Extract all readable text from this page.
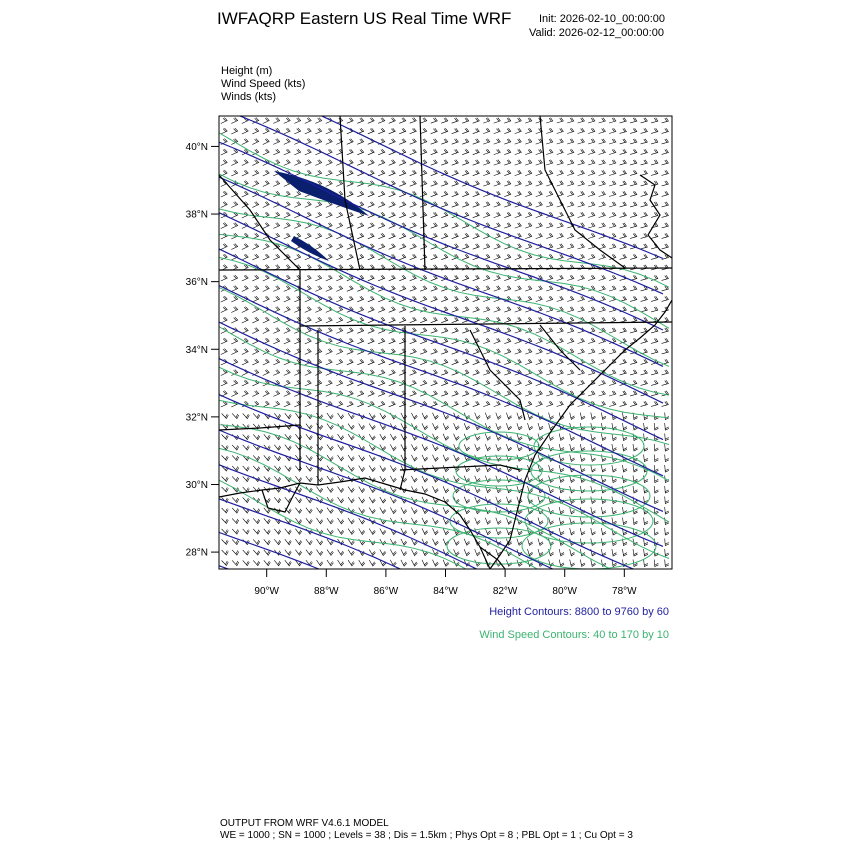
IWFAQRP Eastern US Real Time WRF	Init: 2026-02-10_00:00:00
Valid: 2026-02-12_00:00:00
Height (m)
Wind Speed (kts)
Winds (kts)
40°N
38°N
36°N
34°N
32°N
30°N
28°N
90°W	88°W	86°W	84°W	82°W	80°W	78°W
Height Contours: 8800 to 9760 by 60
Wind Speed Contours: 40 to 170 by 10
OUTPUT FROM WRF V4.6.1 MODEL
WE = 1000 ; SN = 1000 ; Levels = 38 ; Dis = 1.5km ; Phys Opt = 8 ; PBL Opt = 1 ; Cu Opt = 3
